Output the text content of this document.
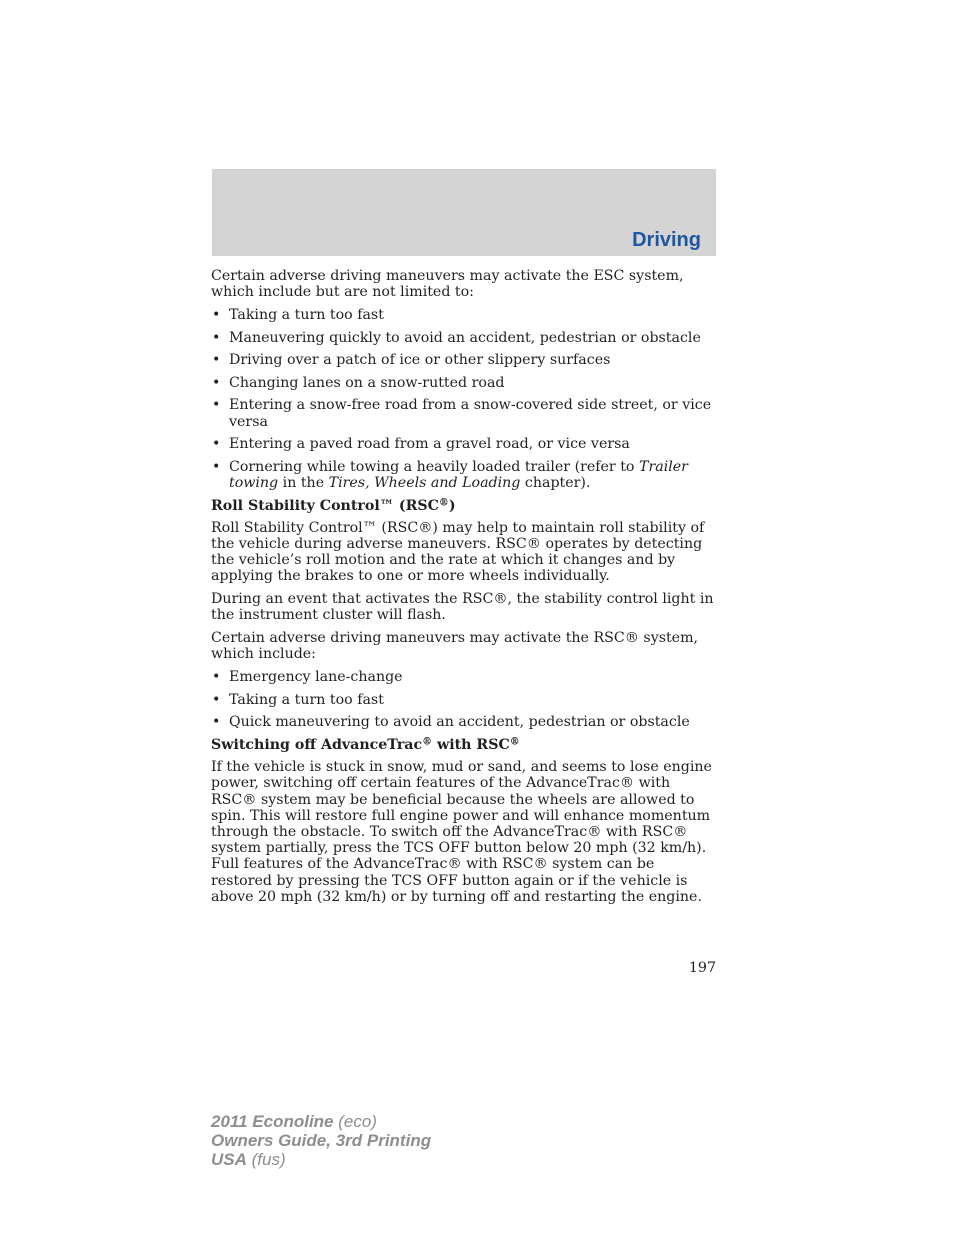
Driving

Certain adverse driving maneuvers may activate the ESC system, which include but are not limited to:

• Taking a turn too fast
• Maneuvering quickly to avoid an accident, pedestrian or obstacle
• Driving over a patch of ice or other slippery surfaces
• Changing lanes on a snow-rutted road
• Entering a snow-free road from a snow-covered side street, or vice versa
• Entering a paved road from a gravel road, or vice versa
• Cornering while towing a heavily loaded trailer (refer to Trailer towing in the Tires, Wheels and Loading chapter).
Roll Stability Control™ (RSC®)

Roll Stability Control™ (RSC®) may help to maintain roll stability of the vehicle during adverse maneuvers. RSC® operates by detecting the vehicle’s roll motion and the rate at which it changes and by applying the brakes to one or more wheels individually.

During an event that activates the RSC®, the stability control light in the instrument cluster will flash.

Certain adverse driving maneuvers may activate the RSC® system, which include:

• Emergency lane-change
• Taking a turn too fast
• Quick maneuvering to avoid an accident, pedestrian or obstacle
Switching off AdvanceTrac® with RSC®

If the vehicle is stuck in snow, mud or sand, and seems to lose engine power, switching off certain features of the AdvanceTrac® with RSC® system may be beneficial because the wheels are allowed to spin. This will restore full engine power and will enhance momentum through the obstacle. To switch off the AdvanceTrac® with RSC® system partially, press the TCS OFF button below 20 mph (32 km/h). Full features of the AdvanceTrac® with RSC® system can be restored by pressing the TCS OFF button again or if the vehicle is above 20 mph (32 km/h) or by turning off and restarting the engine.

197
2011 Econoline (eco)
Owners Guide, 3rd Printing
USA (fus)
